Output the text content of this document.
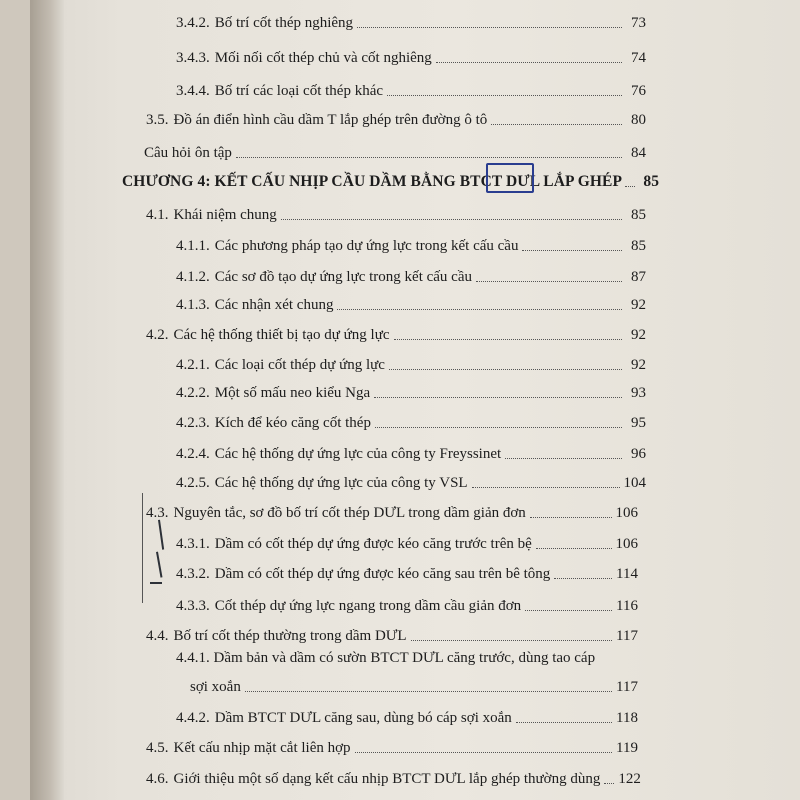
3.4.2. Bố trí cốt thép nghiêng	73
3.4.3. Mối nối cốt thép chủ và cốt nghiêng	74
3.4.4. Bố trí các loại cốt thép khác	76
3.5. Đồ án điển hình cầu dầm T lắp ghép trên đường ô tô	80
Câu hỏi ôn tập	84
CHƯƠNG 4: KẾT CẤU NHỊP CẦU DẦM BẰNG BTCT DƯL LẮP GHÉP 85
4.1. Khái niệm chung	85
4.1.1. Các phương pháp tạo dự ứng lực trong kết cấu cầu	85
4.1.2. Các sơ đồ tạo dự ứng lực trong kết cấu cầu	87
4.1.3. Các nhận xét chung	92
4.2. Các hệ thống thiết bị tạo dự ứng lực	92
4.2.1. Các loại cốt thép dự ứng lực	92
4.2.2. Một số mấu neo kiểu Nga	93
4.2.3. Kích để kéo căng cốt thép	95
4.2.4. Các hệ thống dự ứng lực của công ty Freyssinet	96
4.2.5. Các hệ thống dự ứng lực của công ty VSL	104
4.3. Nguyên tắc, sơ đồ bố trí cốt thép DƯL trong dầm giản đơn	106
4.3.1. Dầm có cốt thép dự ứng được kéo căng trước trên bệ	106
4.3.2. Dầm có cốt thép dự ứng được kéo căng sau trên bê tông	114
4.3.3. Cốt thép dự ứng lực ngang trong dầm cầu giản đơn	116
4.4. Bố trí cốt thép thường trong dầm DƯL	117
4.4.1. Dầm bản và dầm có sườn BTCT DƯL căng trước, dùng tao cáp
sợi xoắn	117
4.4.2. Dầm BTCT DƯL căng sau, dùng bó cáp sợi xoắn	118
4.5. Kết cấu nhịp mặt cắt liên hợp	119
4.6. Giới thiệu một số dạng kết cấu nhịp BTCT DƯL lắp ghép thường dùng 122
